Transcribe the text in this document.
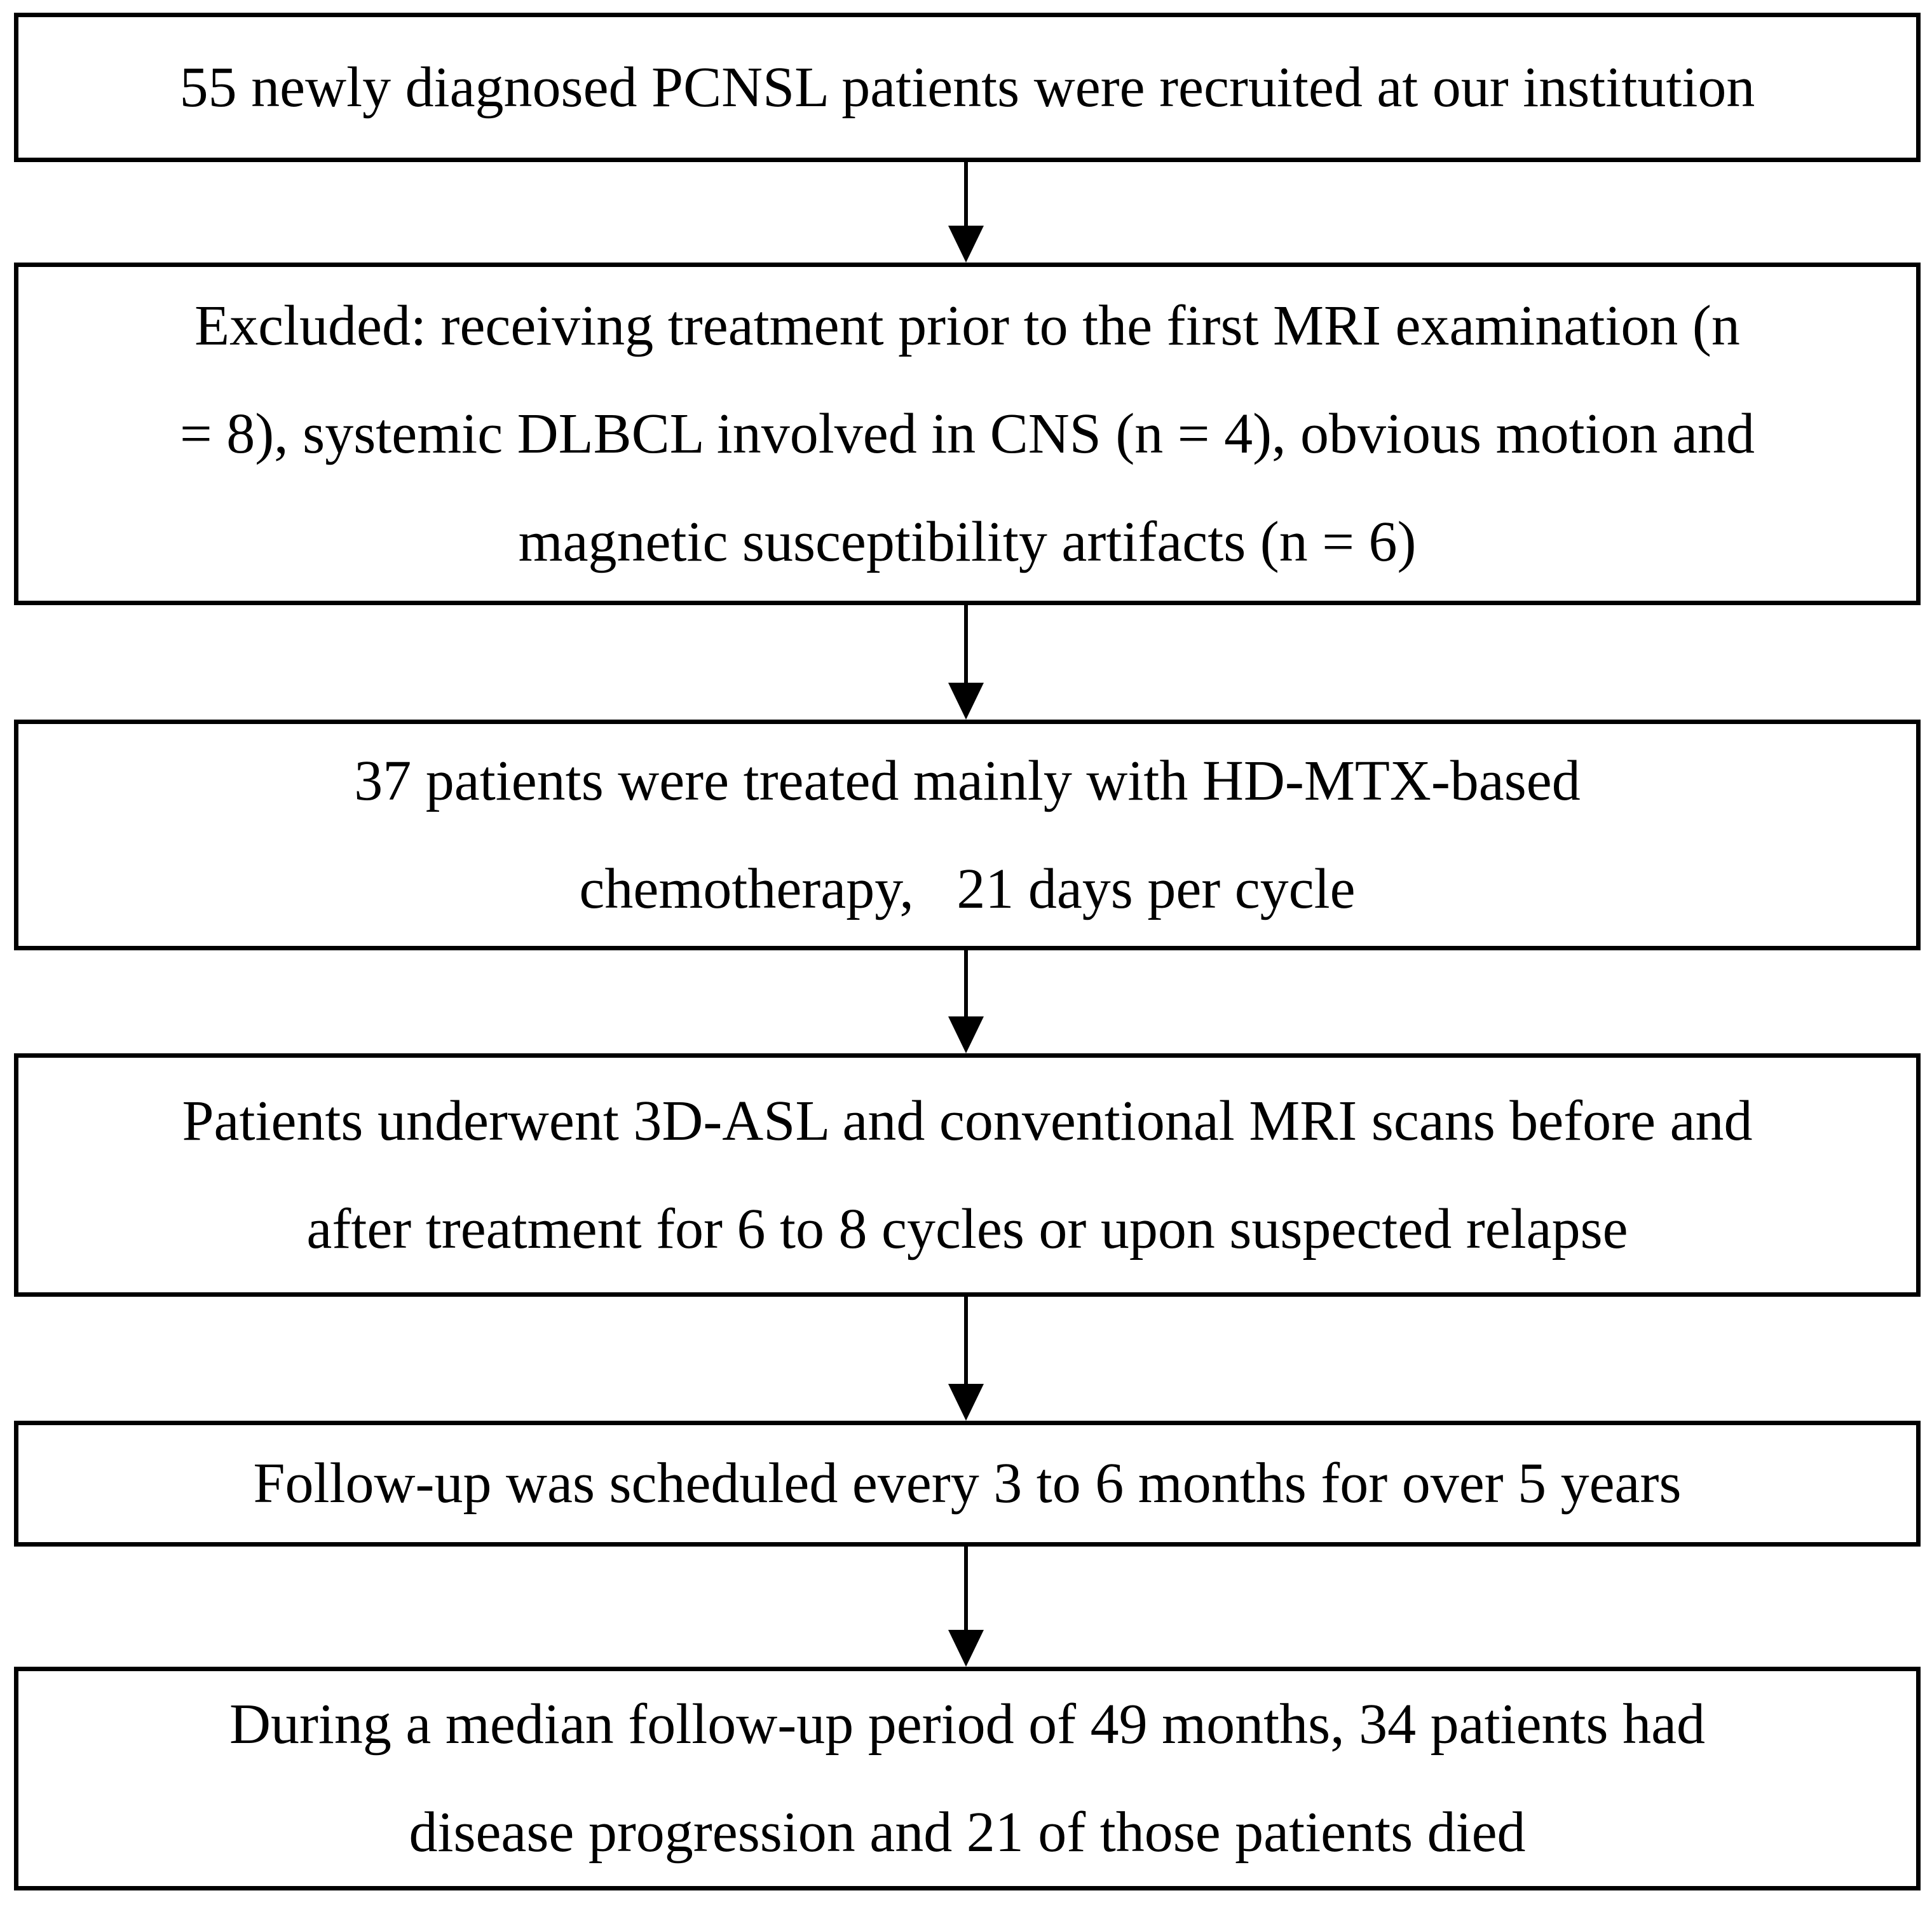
55 newly diagnosed PCNSL patients were recruited at our institution
Excluded: receiving treatment prior to the first MRI examination (n
= 8), systemic DLBCL involved in CNS (n = 4), obvious motion and
magnetic susceptibility artifacts (n = 6)
37 patients were treated mainly with HD-MTX-based
chemotherapy,   21 days per cycle
Patients underwent 3D-ASL and conventional MRI scans before and
after treatment for 6 to 8 cycles or upon suspected relapse
Follow-up was scheduled every 3 to 6 months for over 5 years
During a median follow-up period of 49 months, 34 patients had
disease progression and 21 of those patients died
